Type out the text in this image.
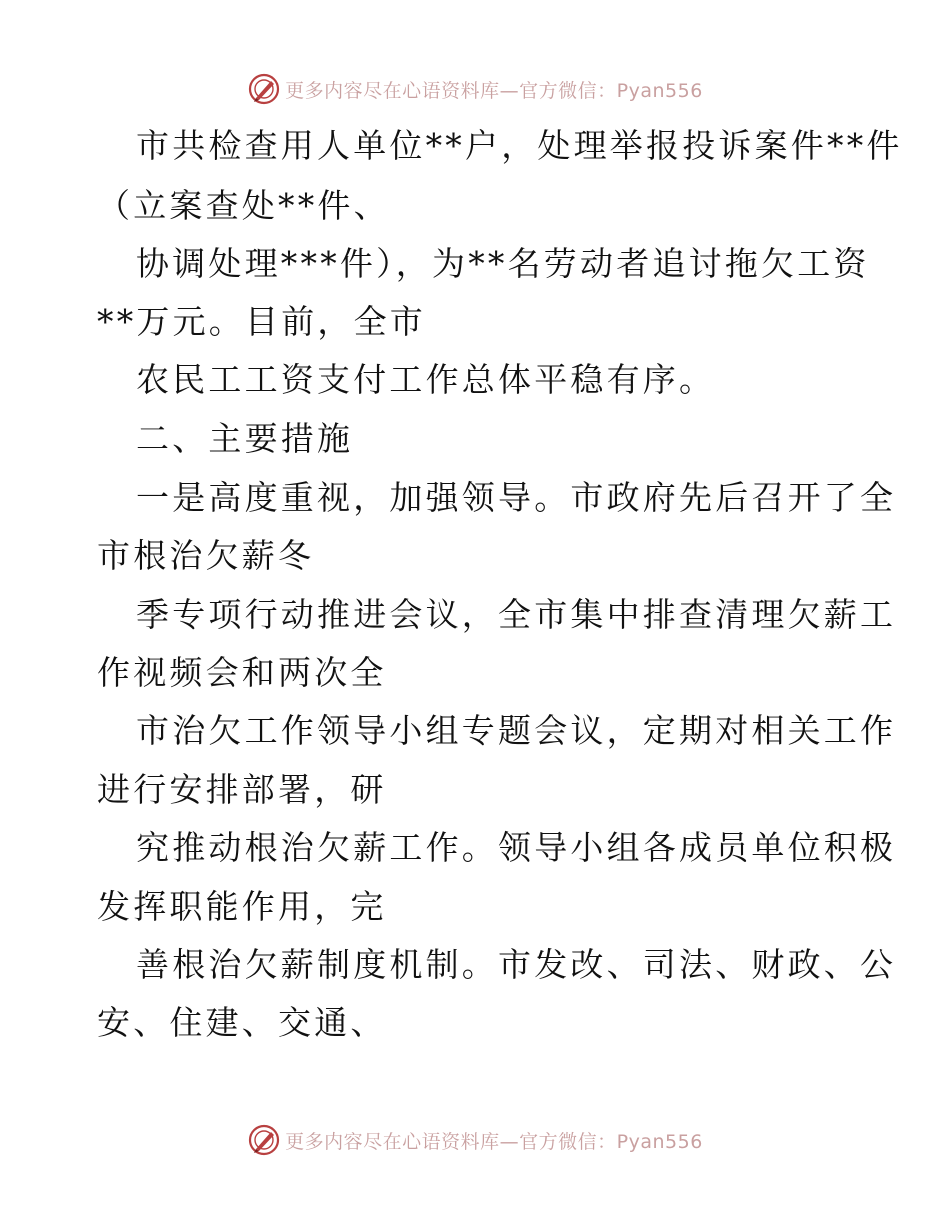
更多内容尽在心语资料库—官方微信：Pyan556
市共检查用人单位**户，处理举报投诉案件**件
（立案查处**件、
协调处理***件），为**名劳动者追讨拖欠工资
**万元。目前，全市
农民工工资支付工作总体平稳有序。
二、主要措施
一是高度重视，加强领导。市政府先后召开了全
市根治欠薪冬
季专项行动推进会议，全市集中排查清理欠薪工
作视频会和两次全
市治欠工作领导小组专题会议，定期对相关工作
进行安排部署，研
究推动根治欠薪工作。领导小组各成员单位积极
发挥职能作用，完
善根治欠薪制度机制。市发改、司法、财政、公
安、住建、交通、
更多内容尽在心语资料库—官方微信：Pyan556
